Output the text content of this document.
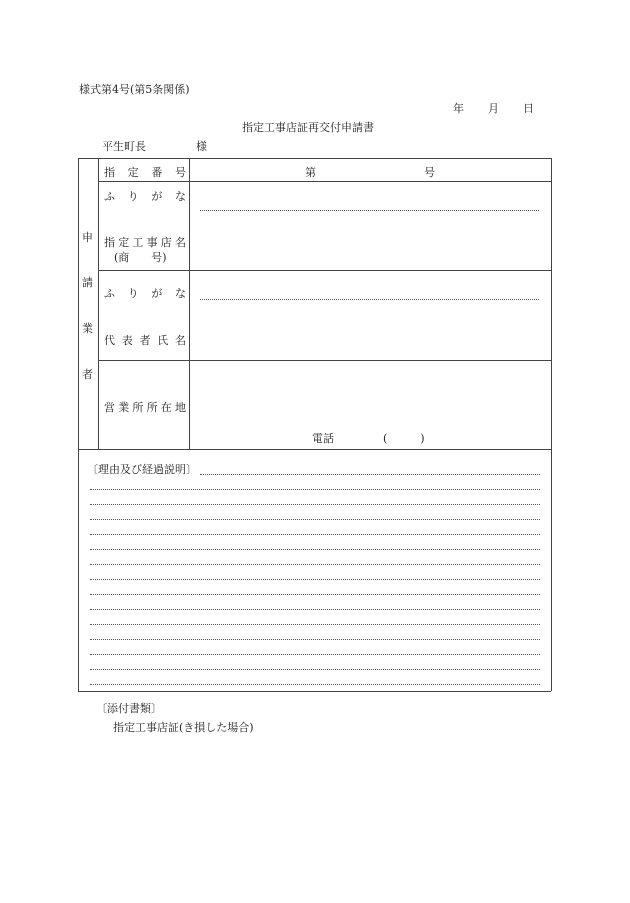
様式第4号(第5条関係)
年 月 日
指定工事店証再交付申請書
平生町長	様
申
請
業
者
指 定 番 号	第	号
ふ り が な
指 定 工 事 店 名
(商　　号)
ふ り が な
代 表 者 氏 名
営 業 所 所 在 地
電話	(　　　)
〔理由及び経過説明〕
〔添付書類〕
指定工事店証(き損した場合)
